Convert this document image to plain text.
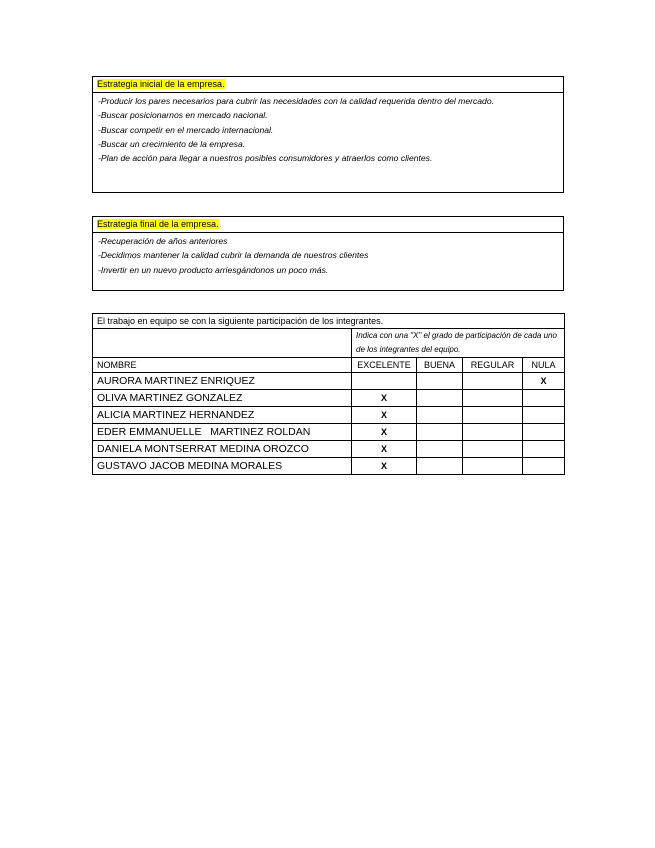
Estrategia inicial de la empresa.
-Producir los pares necesarios para cubrir las necesidades con la calidad requerida dentro del mercado.
-Buscar posicionarnos en mercado nacional.
-Buscar competir en el mercado internacional.
-Buscar un crecimiento de la empresa.
-Plan de acción para llegar a nuestros posibles consumidores y atraerlos como clientes.
Estrategia final de la empresa.
-Recuperación de años anteriores
-Decidimos mantener la calidad cubrir la demanda de nuestros clientes
-Invertir en un nuevo producto arriesgándonos un poco más.
El trabajo en equipo se con la siguiente participación de los integrantes.				
	Indica con una "X" el grado de participación de cada uno de los integrantes del equipo.			
NOMBRE	EXCELENTE	BUENA	REGULAR	NULA
AURORA MARTINEZ ENRIQUEZ				X
OLIVA MARTINEZ GONZALEZ	X			
ALICIA MARTINEZ HERNANDEZ	X			
EDER EMMANUELLE   MARTINEZ ROLDAN	X			
DANIELA MONTSERRAT MEDINA OROZCO	X			
GUSTAVO JACOB MEDINA MORALES	X			
